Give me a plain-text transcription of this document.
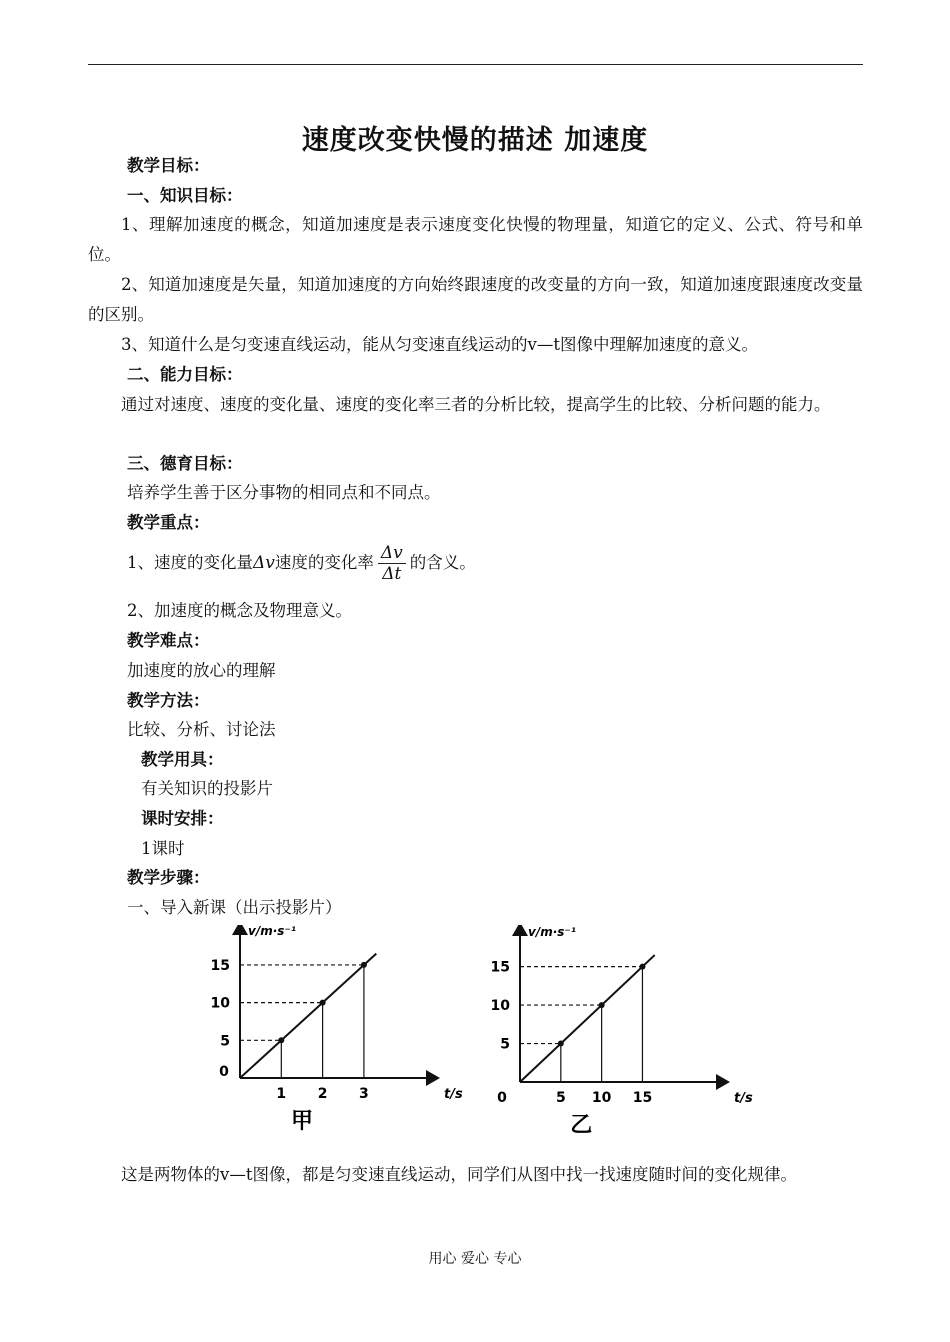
速度改变快慢的描述 加速度
教学目标：
一、知识目标：
1、理解加速度的概念，知道加速度是表示速度变化快慢的物理量，知道它的定义、公式、符号和单位。
2、知道加速度是矢量，知道加速度的方向始终跟速度的改变量的方向一致，知道加速度跟速度改变量的区别。
3、知道什么是匀变速直线运动，能从匀变速直线运动的v—t图像中理解加速度的意义。
二、能力目标：
通过对速度、速度的变化量、速度的变化率三者的分析比较，提高学生的比较、分析问题的能力。
三、德育目标：
培养学生善于区分事物的相同点和不同点。
教学重点：
1、速度的变化量Δv速度的变化率 $\frac{\Delta v}{\Delta t}$ 的含义。
2、加速度的概念及物理意义。
教学难点：
加速度的放心的理解
教学方法：
比较、分析、讨论法
教学用具：
有关知识的投影片
课时安排：
1课时
教学步骤：
一、导入新课（出示投影片）
5
10
15
1 2 3
0
v/m·s⁻¹
t/s
甲
5
10
15
5 10 15
0
v/m·s⁻¹
t/s
乙
这是两物体的v—t图像，都是匀变速直线运动，同学们从图中找一找速度随时间的变化规律。
用心 爱心 专心
